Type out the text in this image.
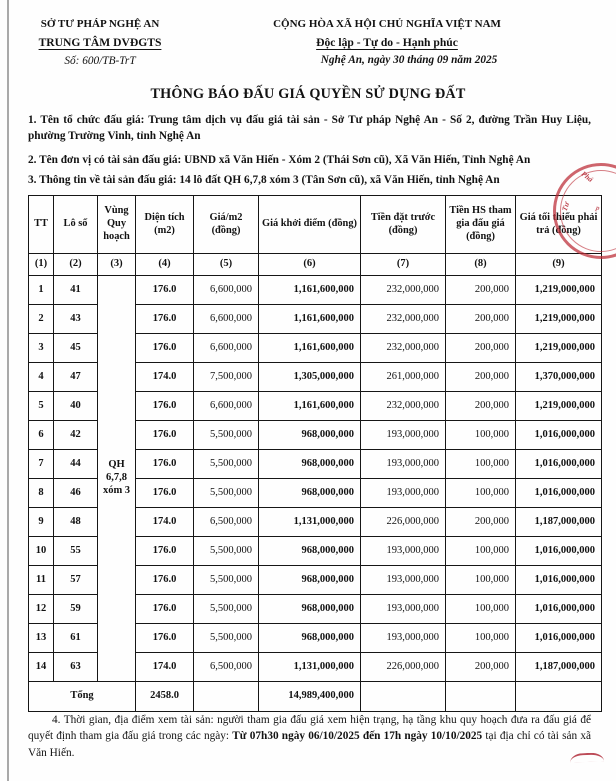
SỞ TƯ PHÁP NGHỆ AN
TRUNG TÂM DVĐGTS
Số: 600/TB-TrT
CỘNG HÒA XÃ HỘI CHỦ NGHĨA VIỆT NAM
Độc lập - Tự do - Hạnh phúc
Nghệ An, ngày 30 tháng 09 năm 2025
THÔNG BÁO ĐẤU GIÁ QUYỀN SỬ DỤNG ĐẤT

1. Tên tổ chức đấu giá: Trung tâm dịch vụ đấu giá tài sản - Sở Tư pháp Nghệ An - Số 2, đường Trần Huy Liệu, phường Trường Vinh, tỉnh Nghệ An

2. Tên đơn vị có tài sản đấu giá: UBND xã Văn Hiến - Xóm 2 (Thái Sơn cũ), Xã Văn Hiến, Tỉnh Nghệ An

3. Thông tin về tài sản đấu giá: 14 lô đất QH 6,7,8 xóm 3 (Tân Sơn cũ), xã Văn Hiến, tỉnh Nghệ An

TT	Lô số	Vùng Quy hoạch	Diện tích (m2)	Giá/m2 (đồng)	Giá khởi điểm (đồng)	Tiền đặt trước (đồng)	Tiền HS tham gia đấu giá (đồng)	Giá tối thiểu phải trả (đồng)
(1)	(2)	(3)	(4)	(5)	(6)	(7)	(8)	(9)
1	41	QH 6,7,8 xóm 3	176.0	6,600,000	1,161,600,000	232,000,000	200,000	1,219,000,000
2	43		176.0	6,600,000	1,161,600,000	232,000,000	200,000	1,219,000,000
3	45		176.0	6,600,000	1,161,600,000	232,000,000	200,000	1,219,000,000
4	47		174.0	7,500,000	1,305,000,000	261,000,000	200,000	1,370,000,000
5	40		176.0	6,600,000	1,161,600,000	232,000,000	200,000	1,219,000,000
6	42		176.0	5,500,000	968,000,000	193,000,000	100,000	1,016,000,000
7	44		176.0	5,500,000	968,000,000	193,000,000	100,000	1,016,000,000
8	46		176.0	5,500,000	968,000,000	193,000,000	100,000	1,016,000,000
9	48		174.0	6,500,000	1,131,000,000	226,000,000	200,000	1,187,000,000
10	55		176.0	5,500,000	968,000,000	193,000,000	100,000	1,016,000,000
11	57		176.0	5,500,000	968,000,000	193,000,000	100,000	1,016,000,000
12	59		176.0	5,500,000	968,000,000	193,000,000	100,000	1,016,000,000
13	61		176.0	5,500,000	968,000,000	193,000,000	100,000	1,016,000,000
14	63		174.0	6,500,000	1,131,000,000	226,000,000	200,000	1,187,000,000
Tổng			2458.0		14,989,400,000			

4. Thời gian, địa điểm xem tài sản: người tham gia đấu giá xem hiện trạng, hạ tầng khu quy hoạch đưa ra đấu giá để quyết định tham gia đấu giá trong các ngày: Từ 07h30 ngày 06/10/2025 đến 17h ngày 10/10/2025 tại địa chỉ có tài sản xã Văn Hiến.

Phá
Tư	p
